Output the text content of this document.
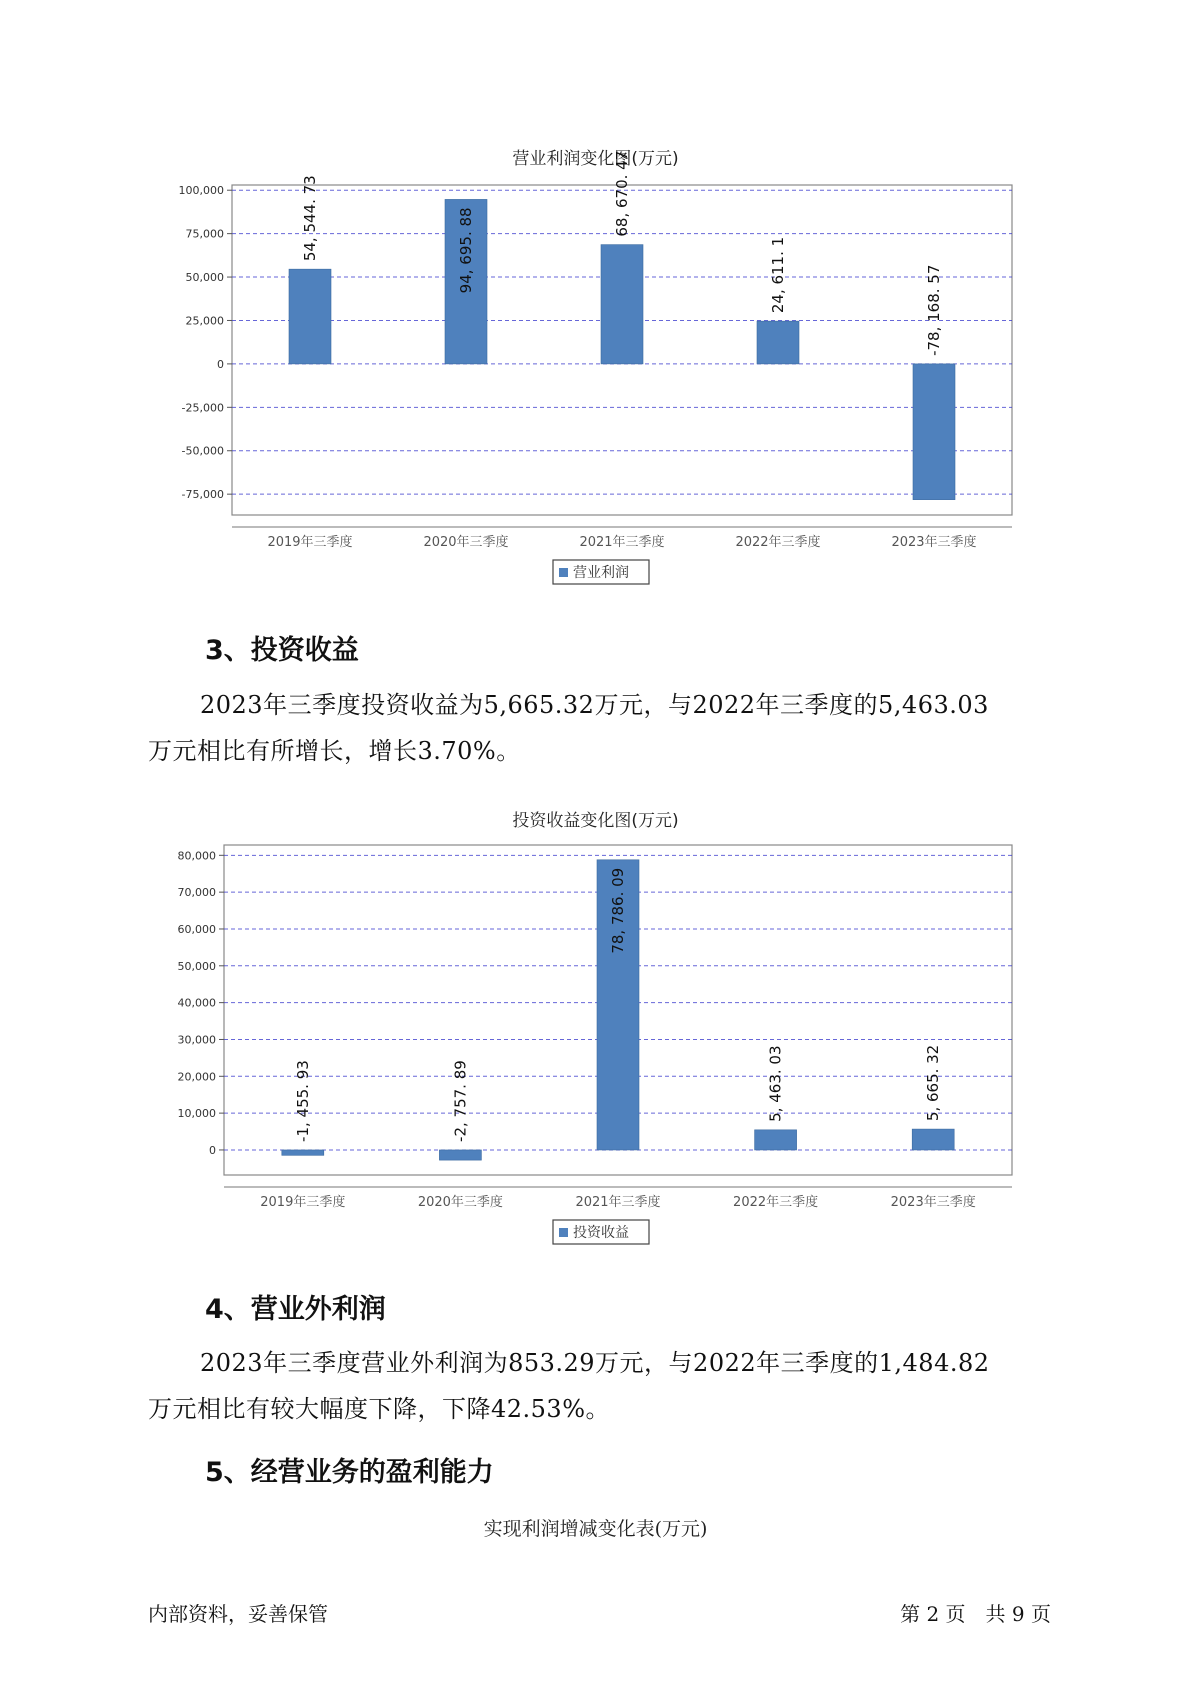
营业利润变化图(万元)
100,000
75,000
50,000
25,000
0
-25,000
-50,000
-75,000
54, 544. 73
2019年三季度
94, 695. 88
2020年三季度
68, 670. 47
2021年三季度
24, 611. 1
2022年三季度
-78, 168. 57
2023年三季度
营业利润
3、投资收益
2023年三季度投资收益为5,665.32万元，与2022年三季度的5,463.03
万元相比有所增长，增长3.70%。
投资收益变化图(万元)
80,000
70,000
60,000
50,000
40,000
30,000
20,000
10,000
0
-1, 455. 93
2019年三季度
-2, 757. 89
2020年三季度
78, 786. 09
2021年三季度
5, 463. 03
2022年三季度
5, 665. 32
2023年三季度
投资收益
4、营业外利润
2023年三季度营业外利润为853.29万元，与2022年三季度的1,484.82
万元相比有较大幅度下降，下降42.53%。
5、经营业务的盈利能力
实现利润增减变化表(万元)
内部资料，妥善保管	第 2 页　共 9 页
